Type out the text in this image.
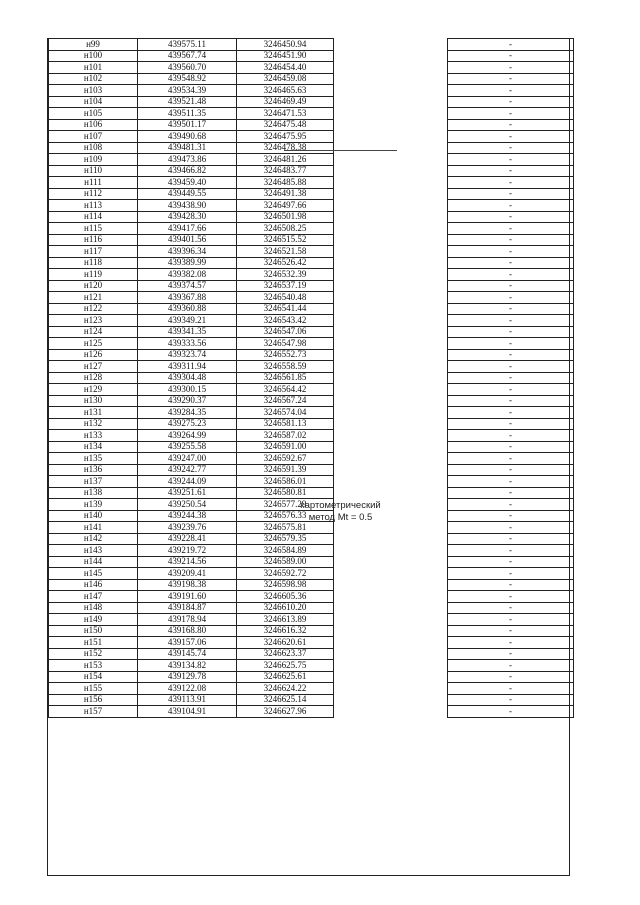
н99	439575.11	3246450.94		-
н100	439567.74	3246451.90		-
н101	439560.70	3246454.40		-
н102	439548.92	3246459.08		-
н103	439534.39	3246465.63		-
н104	439521.48	3246469.49		-
н105	439511.35	3246471.53		-
н106	439501.17	3246475.48		-
н107	439490.68	3246475.95		-
н108	439481.31	3246478.38		-
н109	439473.86	3246481.26		-
н110	439466.82	3246483.77		-
н111	439459.40	3246485.88		-
н112	439449.55	3246491.38		-
н113	439438.90	3246497.66		-
н114	439428.30	3246501.98		-
н115	439417.66	3246508.25		-
н116	439401.56	3246515.52		-
н117	439396.34	3246521.58		-
н118	439389.99	3246526.42		-
н119	439382.08	3246532.39		-
н120	439374.57	3246537.19		-
н121	439367.88	3246540.48		-
н122	439360.88	3246541.44		-
н123	439349.21	3246543.42		-
н124	439341.35	3246547.06		-
н125	439333.56	3246547.98		-
н126	439323.74	3246552.73		-
н127	439311.94	3246558.59		-
н128	439304.48	3246561.85		-
н129	439300.15	3246564.42		-
н130	439290.37	3246567.24		-
н131	439284.35	3246574.04		-
н132	439275.23	3246581.13		-
н133	439264.99	3246587.02		-
н134	439255.58	3246591.00		-
н135	439247.00	3246592.67		-
н136	439242.77	3246591.39		-
н137	439244.09	3246586.01		-
н138	439251.61	3246580.81		-
н139	439250.54	3246577.29		-
н140	439244.38	3246576.33		-
н141	439239.76	3246575.81		-
н142	439228.41	3246579.35		-
н143	439219.72	3246584.89		-
н144	439214.56	3246589.00		-
н145	439209.41	3246592.72		-
н146	439198.38	3246598.98		-
н147	439191.60	3246605.36		-
н148	439184.87	3246610.20		-
н149	439178.94	3246613.89		-
н150	439168.80	3246616.32		-
н151	439157.06	3246620.61		-
н152	439145.74	3246623.37		-
н153	439134.82	3246625.75		-
н154	439129.78	3246625.61		-
н155	439122.08	3246624.22		-
н156	439113.91	3246625.14		-
н157	439104.91	3246627.96		-
картометрический
метод Mt = 0.5
